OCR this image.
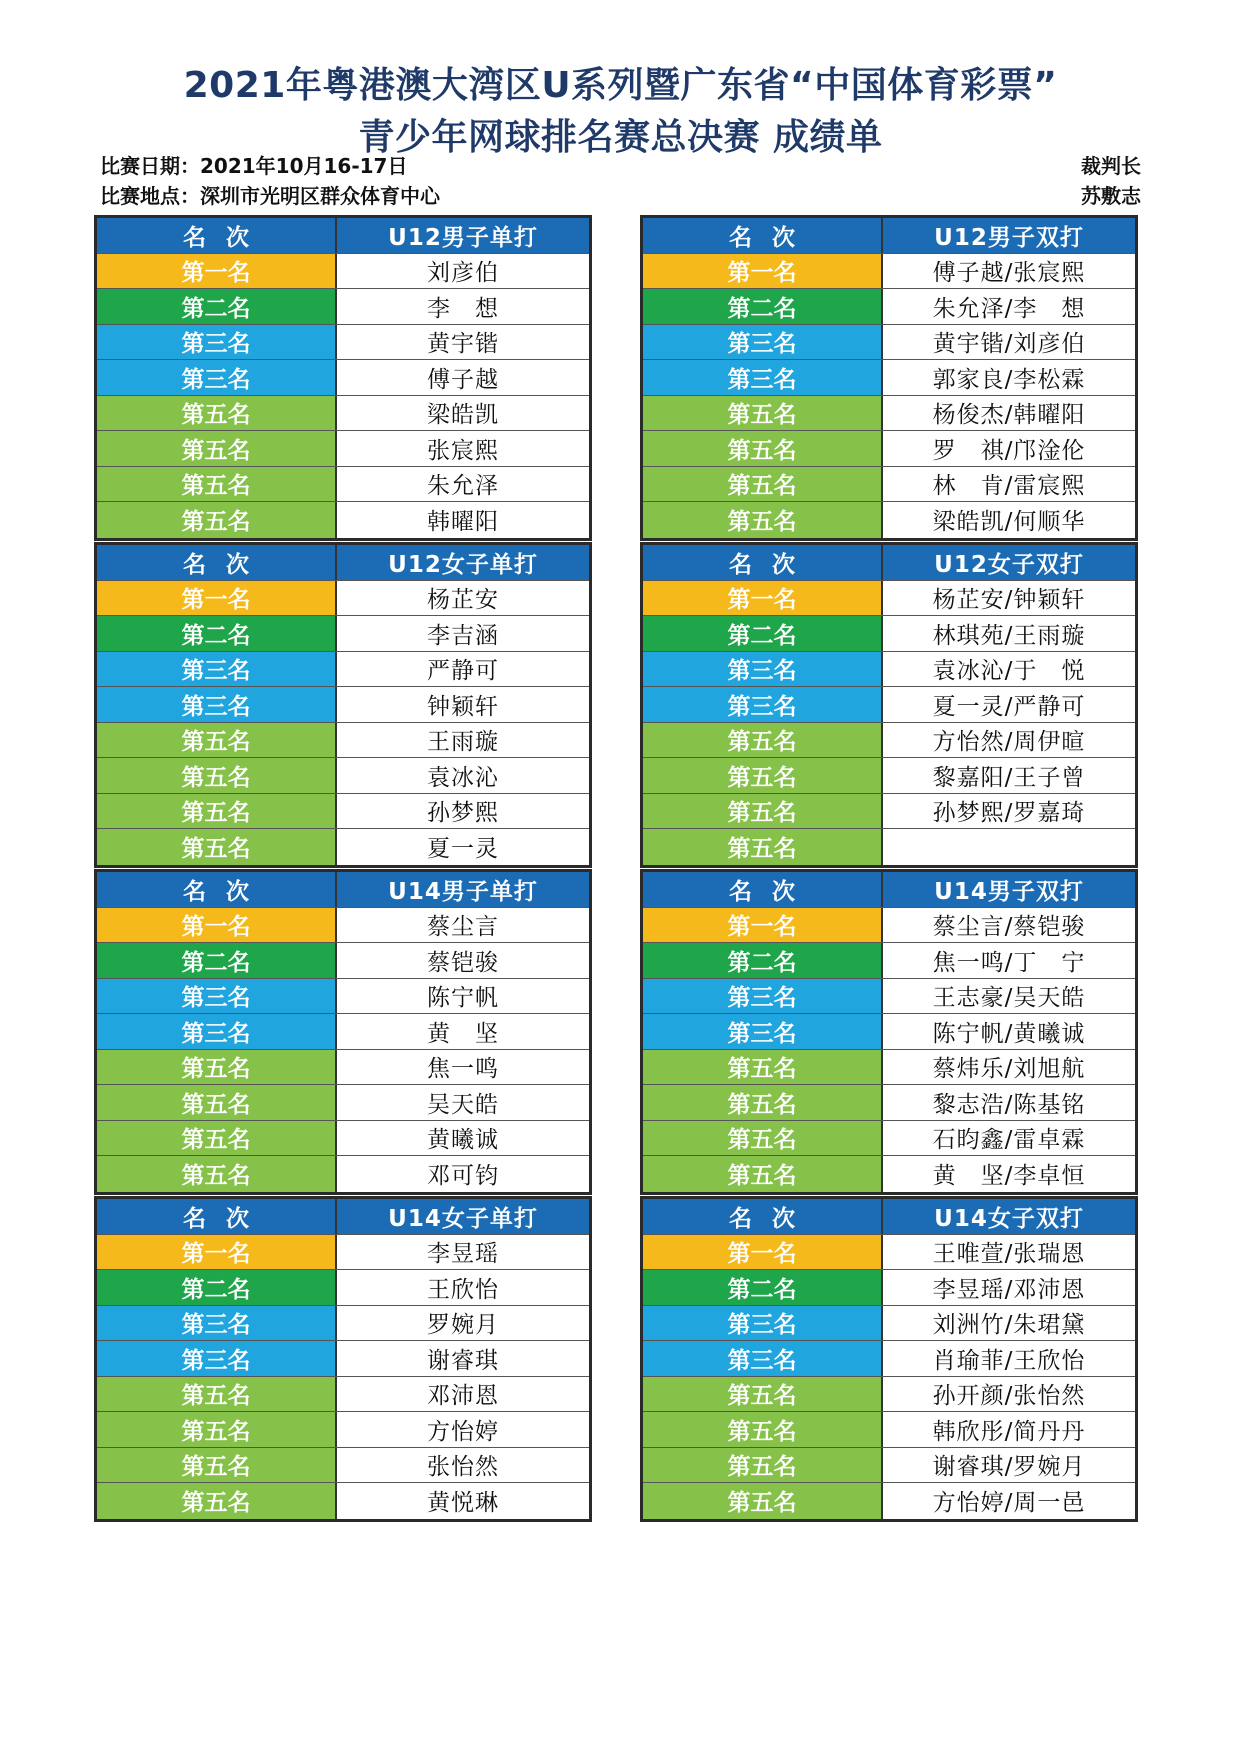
2021年粤港澳大湾区U系列暨广东省“中国体育彩票”
青少年网球排名赛总决赛 成绩单
比赛日期：2021年10月16-17日
比赛地点：深圳市光明区群众体育中心
裁判长
苏敷志
名次	U12男子单打
第一名	刘彦伯
第二名	李　想
第三名	黄宇锴
第三名	傅子越
第五名	梁皓凯
第五名	张宸熙
第五名	朱允泽
第五名	韩曜阳
名次	U12男子双打
第一名	傅子越/张宸熙
第二名	朱允泽/李　想
第三名	黄宇锴/刘彦伯
第三名	郭家良/李松霖
第五名	杨俊杰/韩曜阳
第五名	罗　祺/邝淦伦
第五名	林　肯/雷宸熙
第五名	梁皓凯/何顺华
名次	U12女子单打
第一名	杨芷安
第二名	李吉涵
第三名	严静可
第三名	钟颖轩
第五名	王雨璇
第五名	袁冰沁
第五名	孙梦熙
第五名	夏一灵
名次	U12女子双打
第一名	杨芷安/钟颖轩
第二名	林琪苑/王雨璇
第三名	袁冰沁/于　悦
第三名	夏一灵/严静可
第五名	方怡然/周伊暄
第五名	黎嘉阳/王子曾
第五名	孙梦熙/罗嘉琦
第五名
名次	U14男子单打
第一名	蔡尘言
第二名	蔡铠骏
第三名	陈宁帆
第三名	黄　坚
第五名	焦一鸣
第五名	吴天皓
第五名	黄曦诚
第五名	邓可钧
名次	U14男子双打
第一名	蔡尘言/蔡铠骏
第二名	焦一鸣/丁　宁
第三名	王志豪/吴天皓
第三名	陈宁帆/黄曦诚
第五名	蔡炜乐/刘旭航
第五名	黎志浩/陈基铭
第五名	石昀鑫/雷卓霖
第五名	黄　坚/李卓恒
名次	U14女子单打
第一名	李昱瑶
第二名	王欣怡
第三名	罗婉月
第三名	谢睿琪
第五名	邓沛恩
第五名	方怡婷
第五名	张怡然
第五名	黄悦琳
名次	U14女子双打
第一名	王唯萱/张瑞恩
第二名	李昱瑶/邓沛恩
第三名	刘洲竹/朱珺黛
第三名	肖瑜菲/王欣怡
第五名	孙开颜/张怡然
第五名	韩欣彤/简丹丹
第五名	谢睿琪/罗婉月
第五名	方怡婷/周一邑
